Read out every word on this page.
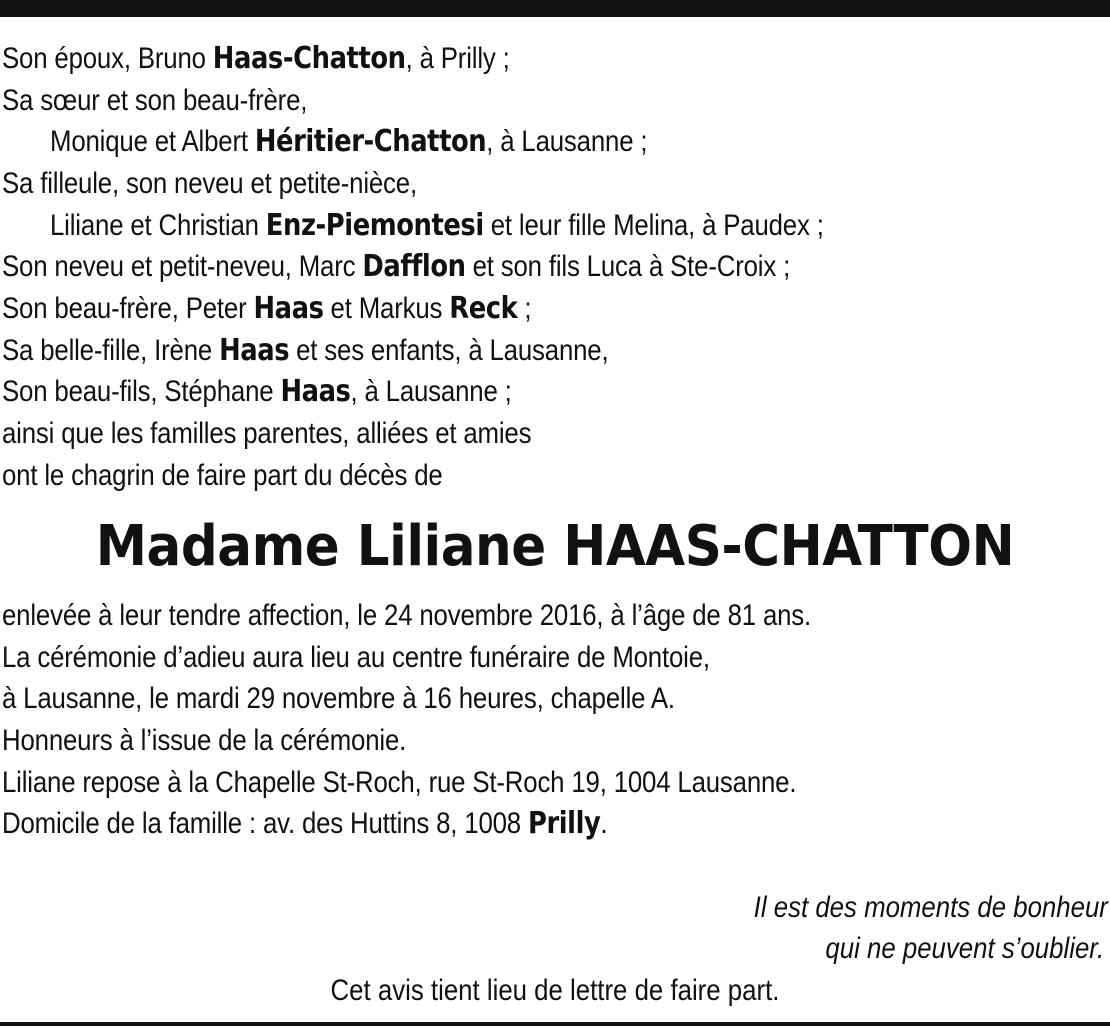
Son époux, Bruno Haas-Chatton, à Prilly ;
Sa sœur et son beau-frère,
Monique et Albert Héritier-Chatton, à Lausanne ;
Sa filleule, son neveu et petite-nièce,
Liliane et Christian Enz-Piemontesi et leur fille Melina, à Paudex ;
Son neveu et petit-neveu, Marc Dafflon et son fils Luca à Ste-Croix ;
Son beau-frère, Peter Haas et Markus Reck ;
Sa belle-fille, Irène Haas et ses enfants, à Lausanne,
Son beau-fils, Stéphane Haas, à Lausanne ;
ainsi que les familles parentes, alliées et amies
ont le chagrin de faire part du décès de
Madame Liliane HAAS-CHATTON
enlevée à leur tendre affection, le 24 novembre 2016, à l’âge de 81 ans.
La cérémonie d’adieu aura lieu au centre funéraire de Montoie,
à Lausanne, le mardi 29 novembre à 16 heures, chapelle A.
Honneurs à l’issue de la cérémonie.
Liliane repose à la Chapelle St-Roch, rue St-Roch 19, 1004 Lausanne.
Domicile de la famille : av. des Huttins 8, 1008 Prilly.
Il est des moments de bonheur
qui ne peuvent s’oublier.
Cet avis tient lieu de lettre de faire part.
